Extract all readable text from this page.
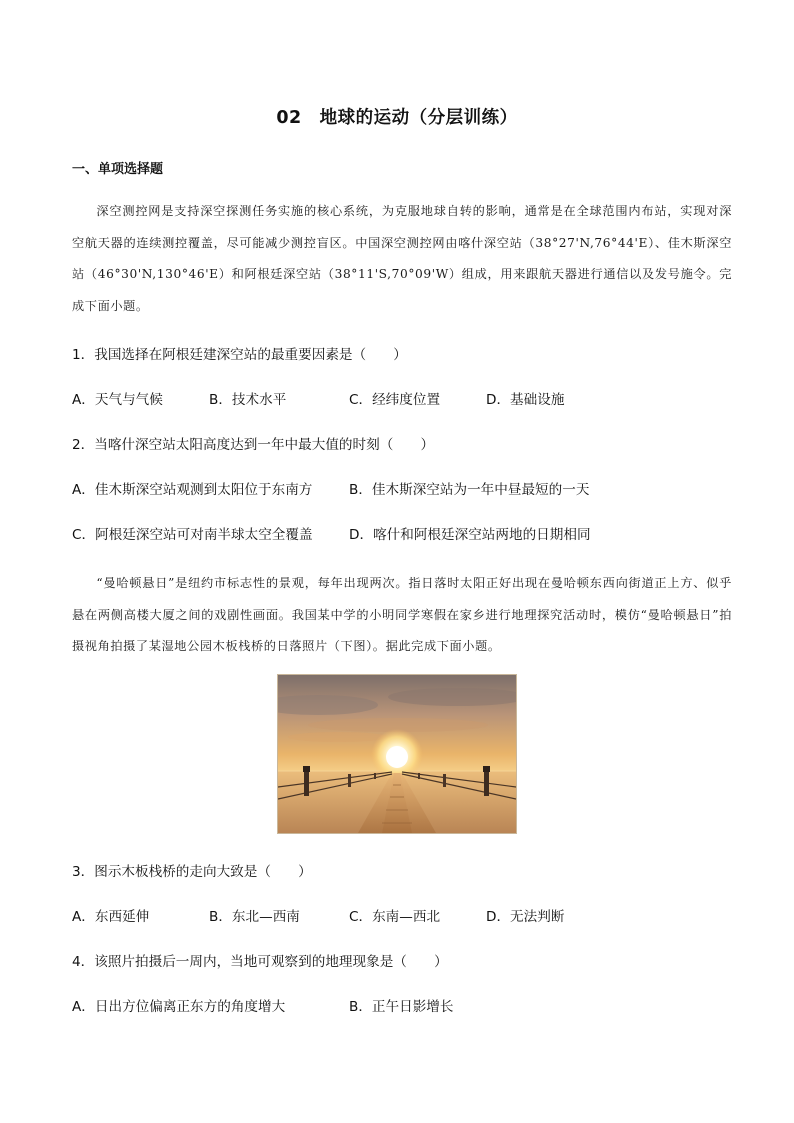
02　地球的运动（分层训练）
一、单项选择题
深空测控网是支持深空探测任务实施的核心系统，为克服地球自转的影响，通常是在全球范围内布站，实现对深空航天器的连续测控覆盖，尽可能减少测控盲区。中国深空测控网由喀什深空站（38°27'N,76°44'E）、佳木斯深空站（46°30'N,130°46'E）和阿根廷深空站（38°11'S,70°09'W）组成，用来跟航天器进行通信以及发号施令。完成下面小题。
1．我国选择在阿根廷建深空站的最重要因素是（　　）
A．天气与气候	B．技术水平	C．经纬度位置	D．基础设施
2．当喀什深空站太阳高度达到一年中最大值的时刻（　　）
A．佳木斯深空站观测到太阳位于东南方	B．佳木斯深空站为一年中昼最短的一天
C．阿根廷深空站可对南半球太空全覆盖	D．喀什和阿根廷深空站两地的日期相同
“曼哈顿悬日”是纽约市标志性的景观，每年出现两次。指日落时太阳正好出现在曼哈顿东西向街道正上方、似乎悬在两侧高楼大厦之间的戏剧性画面。我国某中学的小明同学寒假在家乡进行地理探究活动时，模仿“曼哈顿悬日”拍摄视角拍摄了某湿地公园木板栈桥的日落照片（下图）。据此完成下面小题。
3．图示木板栈桥的走向大致是（　　）
A．东西延伸	B．东北—西南	C．东南—西北	D．无法判断
4．该照片拍摄后一周内，当地可观察到的地理现象是（　　）
A．日出方位偏离正东方的角度增大	B．正午日影增长
